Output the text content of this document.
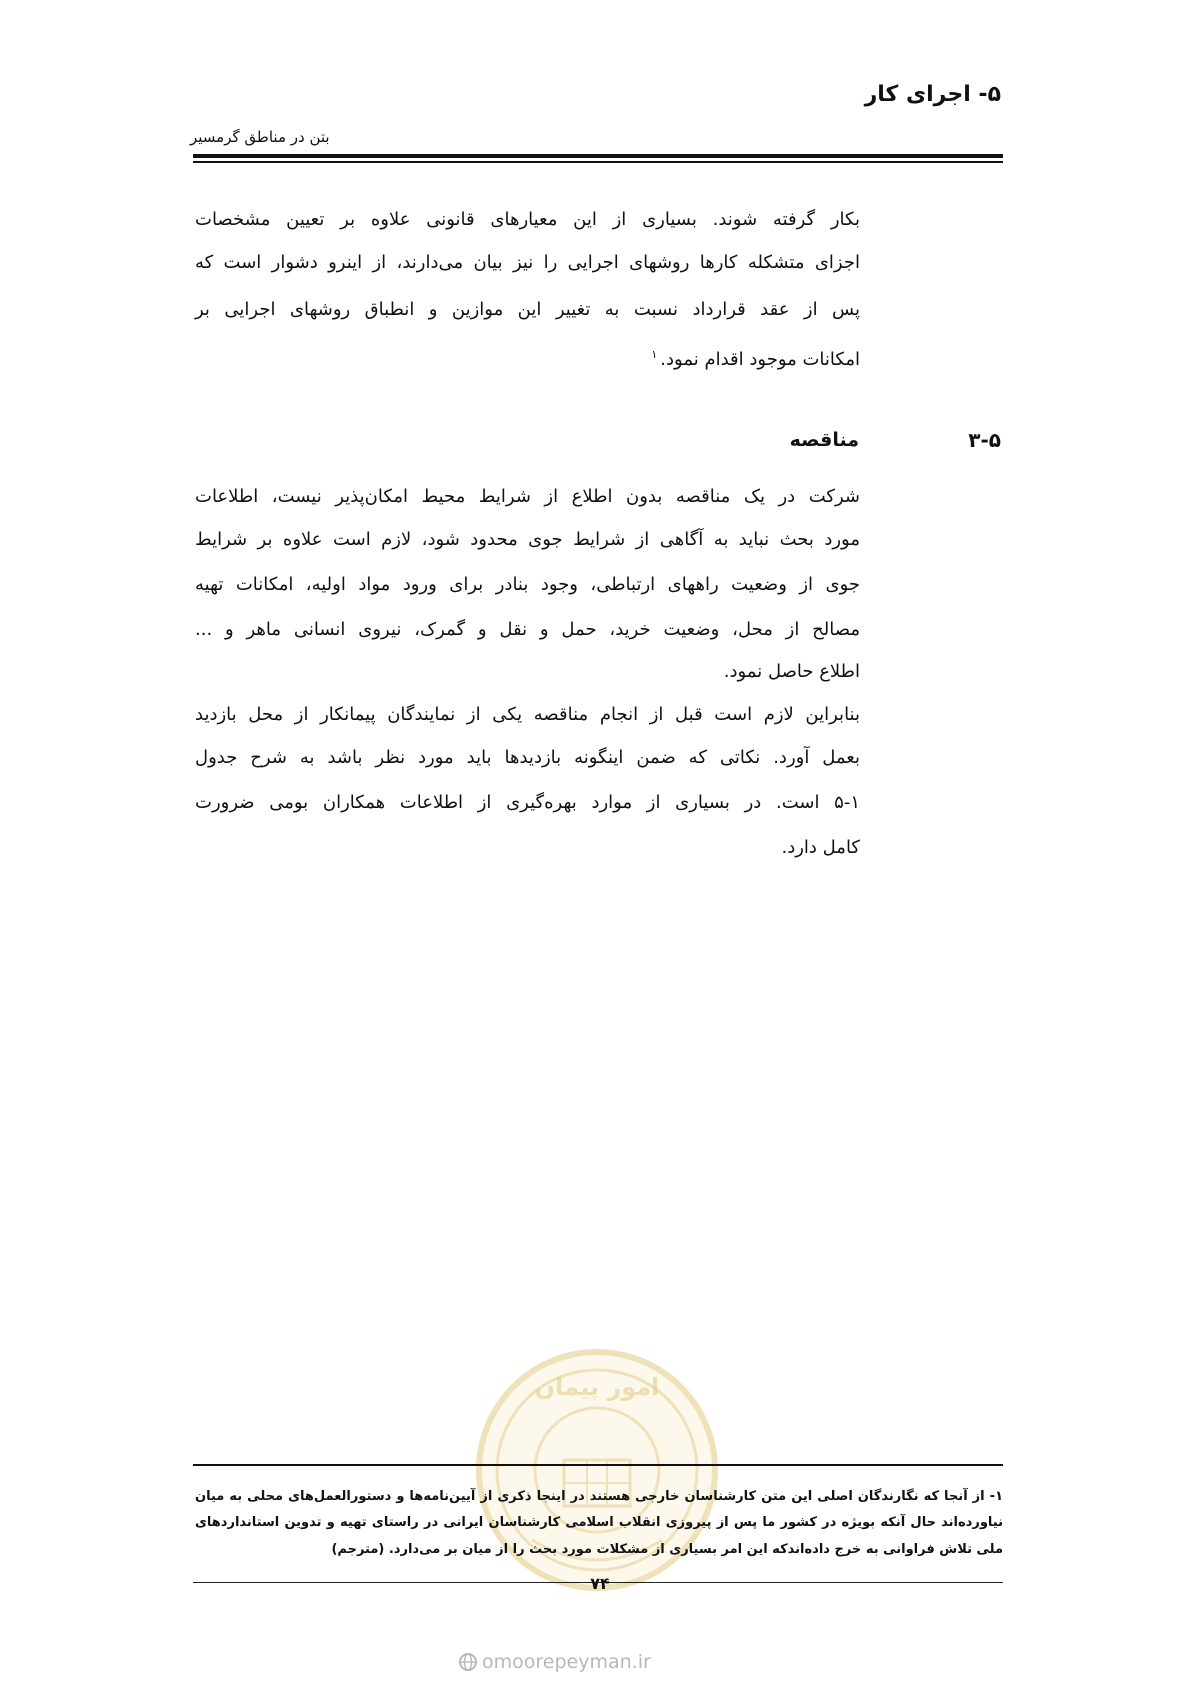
امور پیمان
۵- اجرای کار
بتن در مناطق گرمسیر
بکار گرفته شوند. بسیاری از این معیارهای قانونی علاوه بر تعیین مشخصات
اجزای متشکله کارها روشهای اجرایی را نیز بیان می‌دارند، از اینرو دشوار است که
پس از عقد قرارداد نسبت به تغییر این موازین و انطباق روشهای اجرایی بر
امکانات موجود اقدام نمود.$^۱$
۳-۵
مناقصه
شرکت در یک مناقصه بدون اطلاع از شرایط محیط امکان‌پذیر نیست، اطلاعات
مورد بحث نباید به آگاهی از شرایط جوی محدود شود، لازم است علاوه بر شرایط
جوی از وضعیت راههای ارتباطی، وجود بنادر برای ورود مواد اولیه، امکانات تهیه
مصالح از محل، وضعیت خرید، حمل و نقل و گمرک، نیروی انسانی ماهر و ...
اطلاع حاصل نمود.
بنابراین لازم است قبل از انجام مناقصه یکی از نمایندگان پیمانکار از محل بازدید
بعمل آورد. نکاتی که ضمن اینگونه بازدیدها باید مورد نظر باشد به شرح جدول
۵-۱ است. در بسیاری از موارد بهره‌گیری از اطلاعات همکاران بومی ضرورت
کامل دارد.
۱- از آنجا که نگارندگان اصلی این متن کارشناسان خارجی هستند در اینجا ذکری از آیین‌نامه‌ها و دستورالعمل‌های محلی به میان
نیاورده‌اند حال آنکه بویژه در کشور ما پس از پیروزی انقلاب اسلامی کارشناسان ایرانی در راستای تهیه و تدوین استانداردهای
ملی تلاش فراوانی به خرج داده‌اندکه این امر بسیاری از مشکلات مورد بحث را از میان بر می‌دارد. (مترجم)
۷۴
omoorepeyman.ir
